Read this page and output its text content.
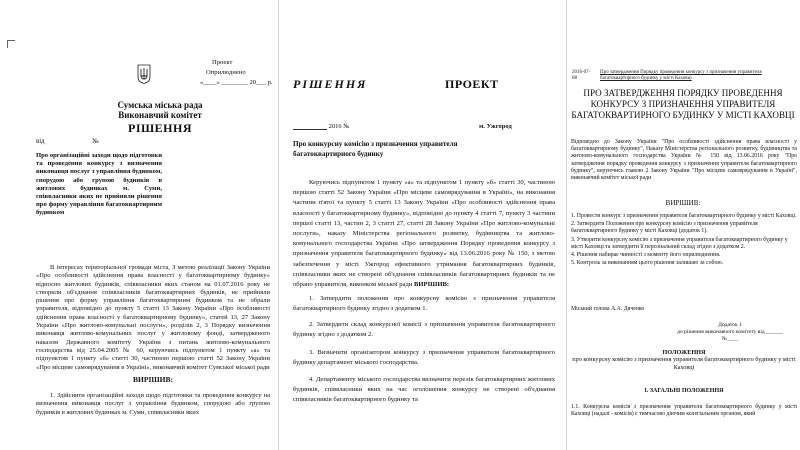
Проект
Оприлюднено
«____» ________ 20___ р.
Сумська міська рада
Виконавчий комітет
РІШЕННЯ
від	№
Про організаційні заходи щодо підготовки та проведення конкурсу з визначення виконавця послуг з управління будинком, спорудою або групою будинків в житлових будинках м. Суми, співвласники яких не прийняли рішення про форму управління багатоквартирним будинком
В інтересах територіальної громади міста, З метою реалізації Закону України «Про особливості здійснення права власності у багатоквартирному будинку» відносно житлових будинків, співвласники яких станом на 01.07.2016 року не створили об'єднання співвласників багатоквартирних будинків, не прийняли рішення про форму управління багатоквартирним будинком та не обрали управителя, відповідно до пункту 5 статті 13 Закону України «Про особливості здійснення права власності у багатоквартирному будинку», статей 13, 27 Закону України «Про житлово-комунальні послуги», розділів 2, 3 Порядку визначення виконавця житлово-комунальних послуг у житловому фонді, затвердженого наказом Державного комітету України з питань житлово-комунального господарства від 25.04.2005 № 60, керуючись підпунктом 1 пункту «а» та підпунктом 1 пункту «б» статті 30, частиною першою статті 52 Закону України «Про місцеве самоврядування в Україні», виконавчий комітет Сумської міської ради
ВИРІШИВ:
1. Здійснити організаційні заходи щодо підготовки та проведення конкурсу на визначення виконавця послуг з управління будинком, спорудою або групою будинків в житлових будинках м. Суми, співвласники яких
РІШЕННЯ	ПРОЕКТ
2016 №	м. Ужгород
Про конкурсну комісію з призначення управителя багатоквартирного будинку
Керуючись підпунктом 1 пункту «а» та підпунктом 1 пункту «б» статті 30, частиною першою статті 52 Закону України «Про місцеве самоврядування в Україні», на виконання частини п'ятої та пункту 5 статті 13 Закону України «Про особливості здійснення права власності у багатоквартирному будинку», відповідно до пункту 4 статті 7, пункту 3 частини першої статті 13, частин 2, 3 статті 27, статті 28 Закону України «Про житлово-комунальні послуги», наказу Міністерства регіонального розвитку, будівництва та житлово-комунального господарства України «Про затвердження Порядку проведення конкурсу з призначення управителя багатоквартирного будинку» від 13.06.2016 року № 150, з метою забезпечення у місті Ужгород ефективного утримання багатоквартирних будинків, співвласники яких не створені об'єднання співвласників багатоквартирних будинків та не обрано управителя, виконком міської ради ВИРІШИВ:
1. Затвердити положення про конкурсну комісію з призначення управителя багатоквартирного будинку згідно з додатком 1.
2. Затвердити склад конкурсної комісії з призначення управителя багатоквартирного будинку згідно з додатком 2.
3. Визначити організатором конкурсу з призначення управителя багатоквартирного будинку департамент міського господарства.
4. Департаменту міського господарства визначити перелік багатоквартирних житлових будинків, співвласники яких на час оголошення конкурсу не створені об'єднання співвласників багатоквартирного будинку та
2016-07-08
Про затвердження Порядку проведення конкурсу з призначення управителя багатоквартирного будинку у місті Каховці
ПРО ЗАТВЕРДЖЕННЯ ПОРЯДКУ ПРОВЕДЕННЯ КОНКУРСУ З ПРИЗНАЧЕННЯ УПРАВИТЕЛЯ БАГАТОКВАРТИРНОГО БУДИНКУ У МІСТІ КАХОВЦІ
Відповідно до Закону України "Про особливості здійснення права власності у багатоквартирному будинку", Наказу Міністерства регіонального розвитку, будівництва та житлово-комунального господарства України № 150 від 13.06.2016 року "Про затвердження порядку проведення конкурсу з призначення управителя багатоквартирного будинку", керуючись главою 2 Закону України "Про місцеве самоврядування в Україні", виконавчий комітет міської ради
ВИРІШИВ:
1. Провести конкурс з призначення управителя багатоквартирного будинку у місті Каховці.
2. Затвердити Положення про конкурсну комісію з призначення управителя багатоквартирного будинку у місті Каховці (додаток 1).
3. Утворити конкурсну комісію з призначення управителя багатоквартирного будинку у місті Каховці та затвердити її персональний склад згідно з додатком 2.
4. Рішення набирає чинності з моменту його оприлюднення.
5. Контроль за виконанням цього рішення залишаю за собою.
Міський голова А.А. Дяченко
Додаток 1
до рішення виконавчого комітету від ______ №____
ПОЛОЖЕННЯ
про конкурсну комісію з призначення управителя багатоквартирного будинку у місті Каховці
I. ЗАГАЛЬНІ ПОЛОЖЕННЯ
1.1. Конкурсна комісія з призначення управителя багатоквартирного будинку у місті Каховці (надалі - комісія) є тимчасово діючим колегіальним органом, який
